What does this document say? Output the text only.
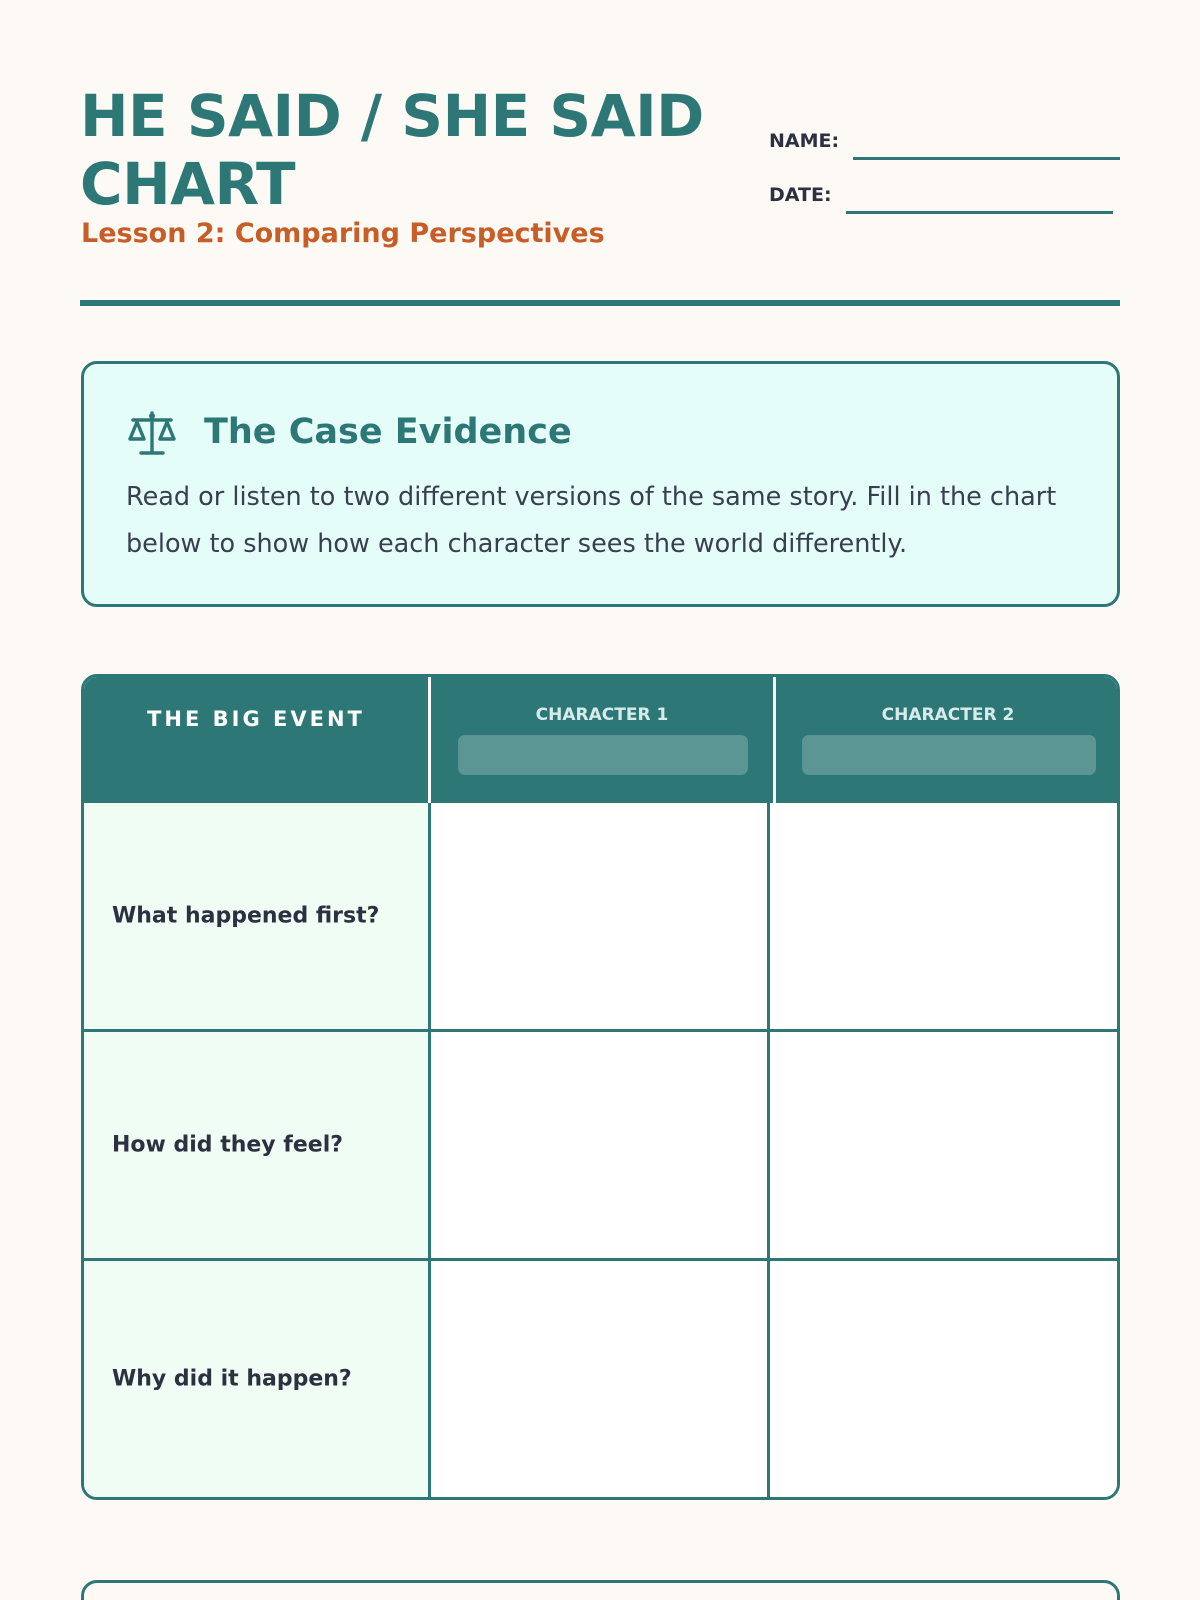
HE SAID / SHE SAID CHART
Lesson 2: Comparing Perspectives
NAME:
DATE:
The Case Evidence
Read or listen to two different versions of the same story. Fill in the chart below to show how each character sees the world differently.
THE BIG EVENT	CHARACTER 1	CHARACTER 2
What happened first?
How did they feel?
Why did it happen?
